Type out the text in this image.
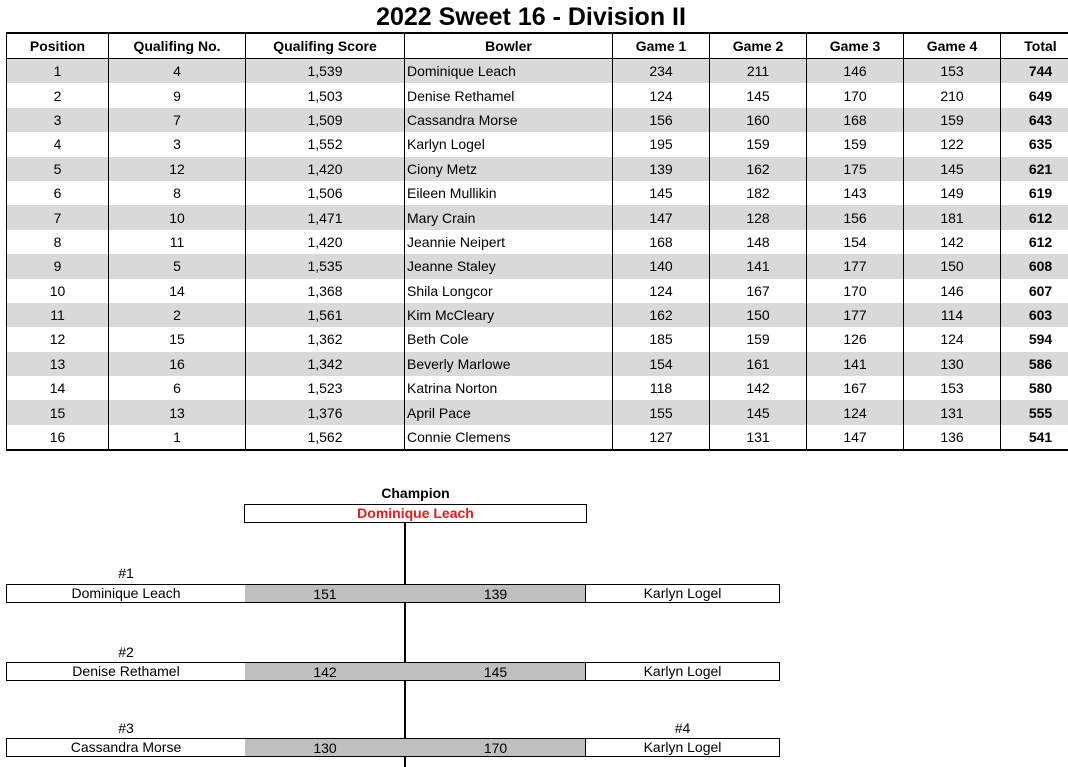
2022 Sweet 16 - Division II
Position	Qualifing No.	Qualifing Score	Bowler	Game 1	Game 2	Game 3	Game 4	Total
1	4	1,539	Dominique Leach	234	211	146	153	744
2	9	1,503	Denise Rethamel	124	145	170	210	649
3	7	1,509	Cassandra Morse	156	160	168	159	643
4	3	1,552	Karlyn Logel	195	159	159	122	635
5	12	1,420	Ciony Metz	139	162	175	145	621
6	8	1,506	Eileen Mullikin	145	182	143	149	619
7	10	1,471	Mary Crain	147	128	156	181	612
8	11	1,420	Jeannie Neipert	168	148	154	142	612
9	5	1,535	Jeanne Staley	140	141	177	150	608
10	14	1,368	Shila Longcor	124	167	170	146	607
11	2	1,561	Kim McCleary	162	150	177	114	603
12	15	1,362	Beth Cole	185	159	126	124	594
13	16	1,342	Beverly Marlowe	154	161	141	130	586
14	6	1,523	Katrina Norton	118	142	167	153	580
15	13	1,376	April Pace	155	145	124	131	555
16	1	1,562	Connie Clemens	127	131	147	136	541
Champion
Dominique Leach
#1
Dominique Leach	151	139	Karlyn Logel
#2
Denise Rethamel	142	145	Karlyn Logel
#3	#4
Cassandra Morse	130	170	Karlyn Logel
